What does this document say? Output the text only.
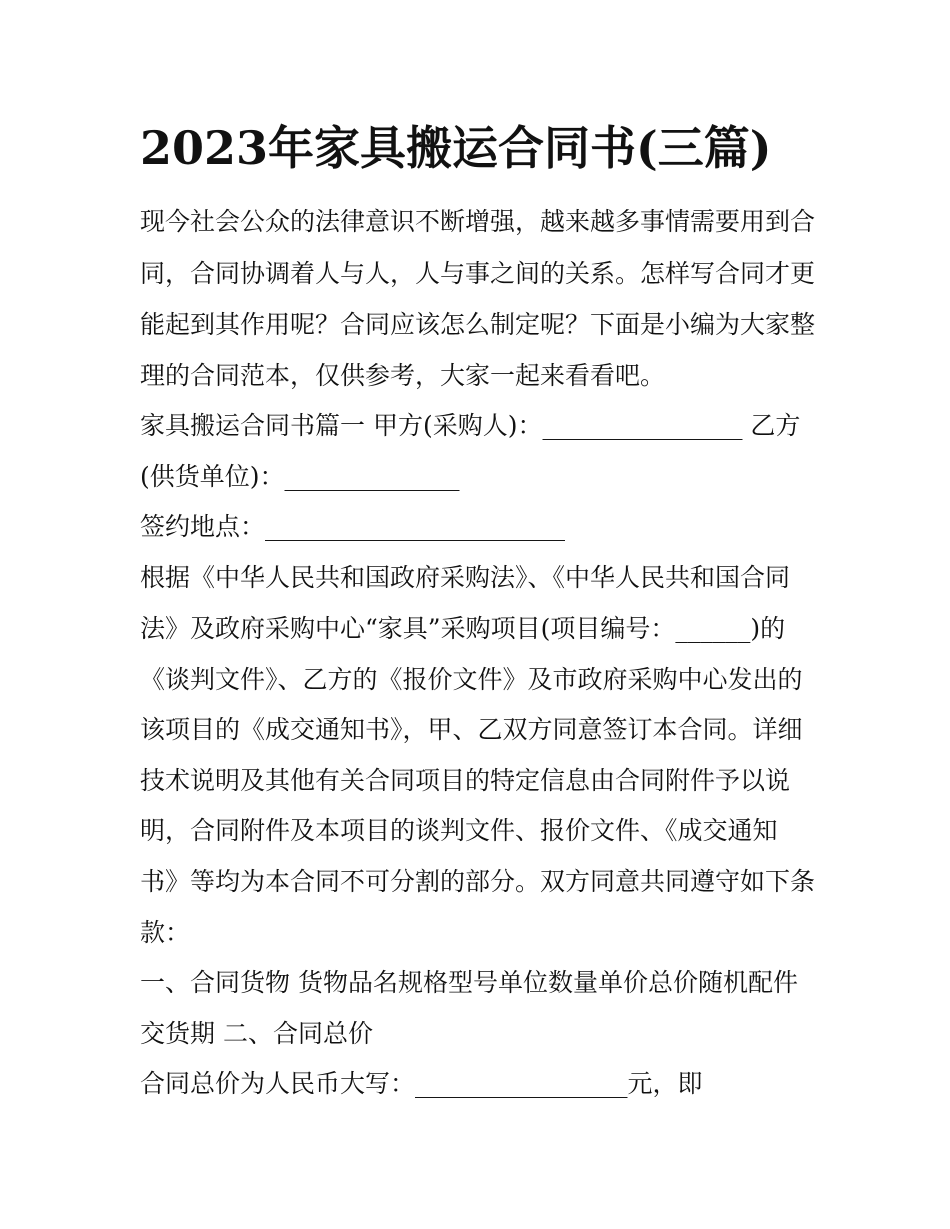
2023年家具搬运合同书(三篇)

现今社会公众的法律意识不断增强，越来越多事情需要用到合

同，合同协调着人与人，人与事之间的关系。怎样写合同才更

能起到其作用呢？合同应该怎么制定呢？下面是小编为大家整

理的合同范本，仅供参考，大家一起来看看吧。

家具搬运合同书篇一 甲方(采购人)：________________ 乙方

(供货单位)：______________

签约地点：________________________

根据《中华人民共和国政府采购法》、《中华人民共和国合同

法》及政府采购中心“家具”采购项目(项目编号：______)的

《谈判文件》、乙方的《报价文件》及市政府采购中心发出的

该项目的《成交通知书》，甲、乙双方同意签订本合同。详细

技术说明及其他有关合同项目的特定信息由合同附件予以说

明，合同附件及本项目的谈判文件、报价文件、《成交通知

书》等均为本合同不可分割的部分。双方同意共同遵守如下条

款：

一、合同货物 货物品名规格型号单位数量单价总价随机配件

交货期 二、合同总价

合同总价为人民币大写：_________________元，即
